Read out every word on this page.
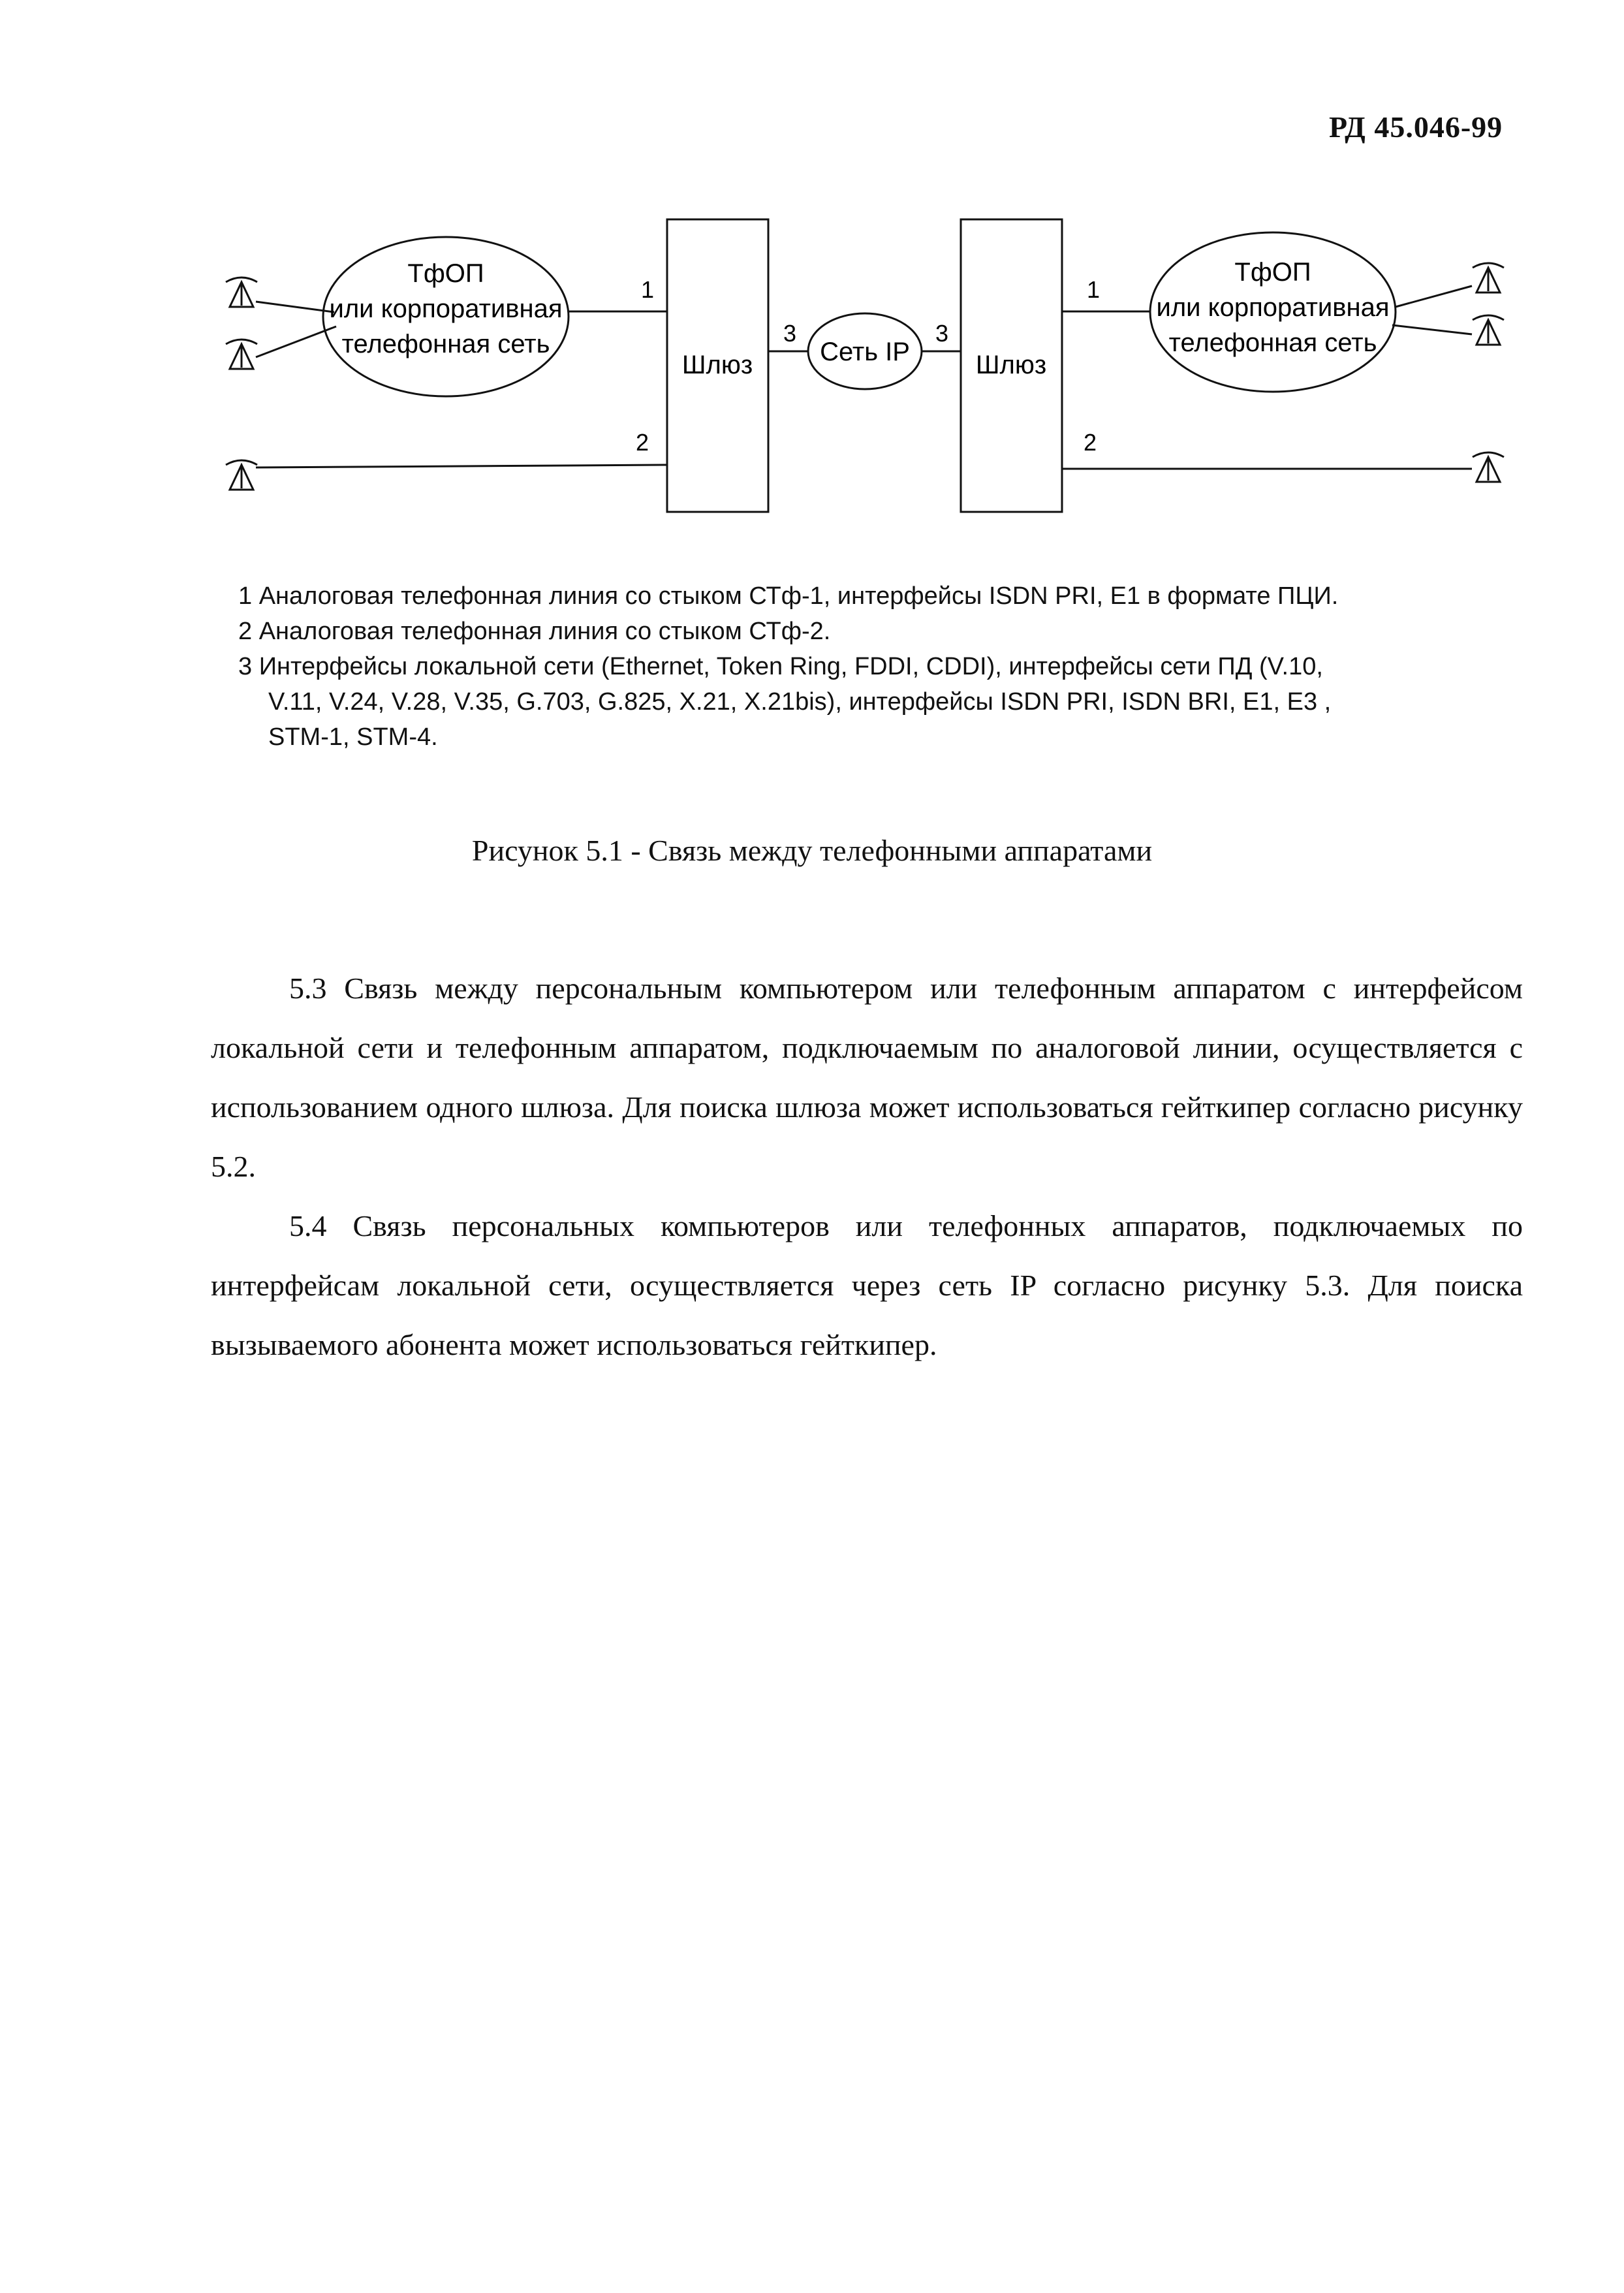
РД 45.046-99
ТфОП
или корпоративная
телефонная сеть
ТфОП
или корпоративная
телефонная сеть
Шлюз	Шлюз
Сеть IP
1	1
2	2
3	3
1 Аналоговая телефонная линия со стыком СТф-1, интерфейсы ISDN PRI, E1 в формате ПЦИ.
2 Аналоговая телефонная линия со стыком СТф-2.
3 Интерфейсы локальной сети (Ethernet, Token Ring, FDDI, CDDI), интерфейсы сети ПД (V.10,
V.11, V.24, V.28, V.35, G.703, G.825, X.21, X.21bis), интерфейсы ISDN PRI, ISDN BRI, E1, E3 ,
STM-1, STM-4.
Рисунок 5.1 - Связь между телефонными аппаратами
5.3 Связь между персональным компьютером или телефонным аппаратом с интерфейсом локальной сети и телефонным аппаратом, подключаемым по аналоговой линии, осуществляется с использованием одного шлюза. Для поиска шлюза может использоваться гейткипер согласно рисунку 5.2.
5.4 Связь персональных компьютеров или телефонных аппаратов, подключаемых по интерфейсам локальной сети, осуществляется через сеть IP согласно рисунку 5.3. Для поиска вызываемого абонента может использоваться гейткипер.
